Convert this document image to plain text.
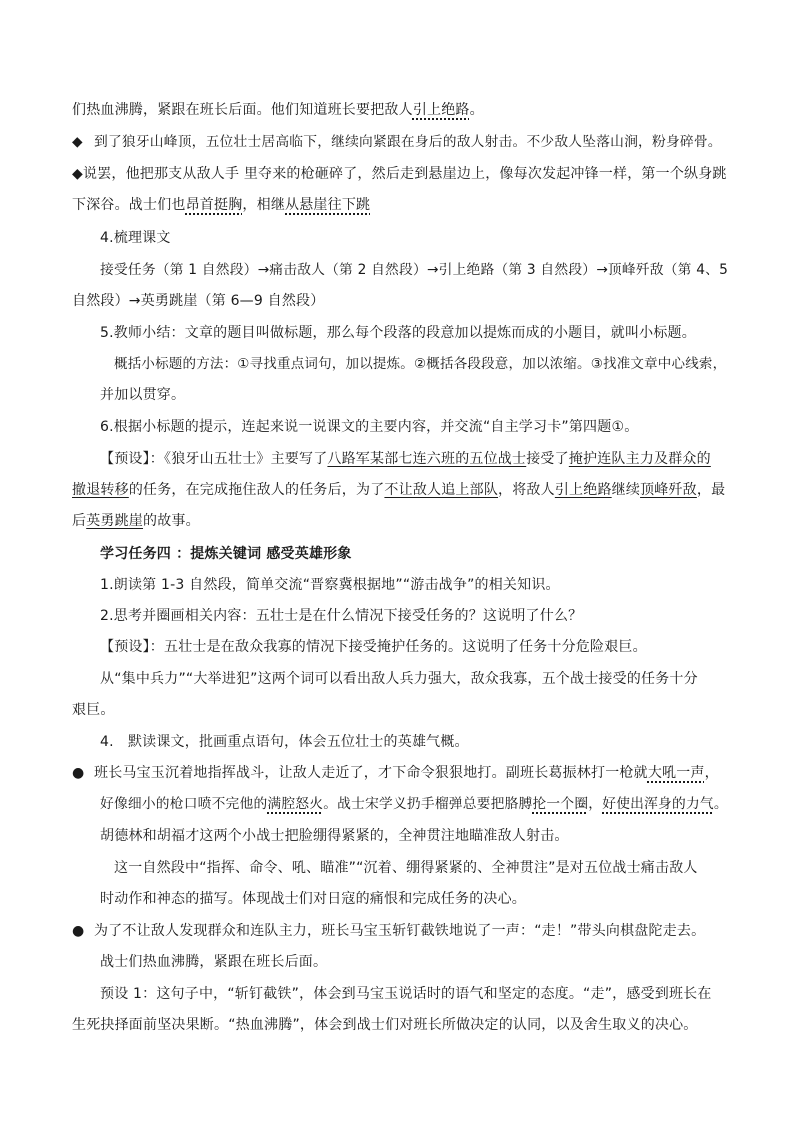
们热血沸腾，紧跟在班长后面。他们知道班长要把敌人引上绝路。
◆ 到了狼牙山峰顶，五位壮士居高临下，继续向紧跟在身后的敌人射击。不少敌人坠落山涧，粉身碎骨。
◆说罢，他把那支从敌人手 里夺来的枪砸碎了，然后走到悬崖边上，像每次发起冲锋一样，第一个纵身跳
下深谷。战士们也昂首挺胸，相继从悬崖往下跳
4.梳理课文
接受任务（第 1 自然段）→痛击敌人（第 2 自然段）→引上绝路（第 3 自然段）→顶峰歼敌（第 4、5
自然段）→英勇跳崖（第 6—9 自然段）
5.教师小结：文章的题目叫做标题，那么每个段落的段意加以提炼而成的小题目，就叫小标题。
概括小标题的方法：①寻找重点词句，加以提炼。②概括各段段意，加以浓缩。③找准文章中心线索，
并加以贯穿。
6.根据小标题的提示，连起来说一说课文的主要内容，并交流“自主学习卡”第四题①。
【预设】：《狼牙山五壮士》主要写了八路军某部七连六班的五位战士接受了掩护连队主力及群众的
撤退转移的任务，在完成拖住敌人的任务后，为了不让敌人追上部队，将敌人引上绝路继续顶峰歼敌，最
后英勇跳崖的故事。
学习任务四 ：提炼关键词 感受英雄形象
1.朗读第 1-3 自然段，简单交流“晋察冀根据地”“游击战争”的相关知识。
2.思考并圈画相关内容：五壮士是在什么情况下接受任务的？这说明了什么？
【预设】：五壮士是在敌众我寡的情况下接受掩护任务的。这说明了任务十分危险艰巨。
从“集中兵力”“大举进犯”这两个词可以看出敌人兵力强大，敌众我寡，五个战士接受的任务十分
艰巨。
4.　默读课文，批画重点语句，体会五位壮士的英雄气概。
● 班长马宝玉沉着地指挥战斗，让敌人走近了，才下命令狠狠地打。副班长葛振林打一枪就大吼一声，
好像细小的枪口喷不完他的满腔怒火。战士宋学义扔手榴弹总要把胳膊抡一个圈，好使出浑身的力气。
胡德林和胡福才这两个小战士把脸绷得紧紧的，全神贯注地瞄准敌人射击。
这一自然段中“指挥、命令、吼、瞄准”“沉着、绷得紧紧的、全神贯注”是对五位战士痛击敌人
时动作和神态的描写。体现战士们对日寇的痛恨和完成任务的决心。
● 为了不让敌人发现群众和连队主力，班长马宝玉斩钉截铁地说了一声：“走！”带头向棋盘陀走去。
战士们热血沸腾，紧跟在班长后面。
预设 1：这句子中，“斩钉截铁”，体会到马宝玉说话时的语气和坚定的态度。“走”，感受到班长在
生死抉择面前坚决果断。“热血沸腾”，体会到战士们对班长所做决定的认同，以及舍生取义的决心。
